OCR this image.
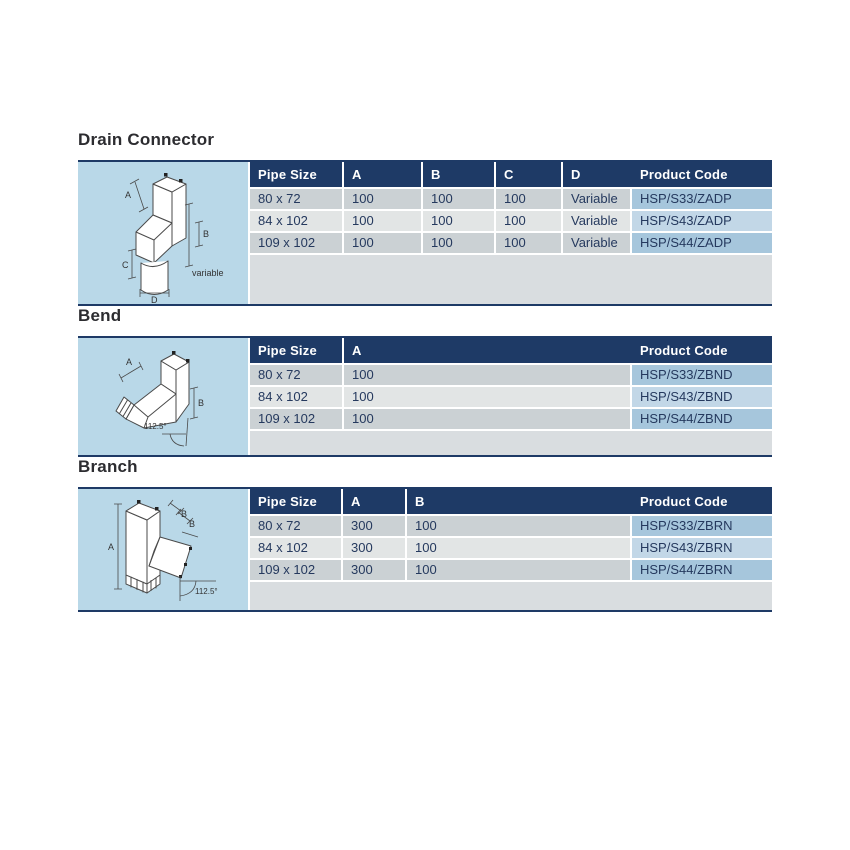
Drain Connector
A
B
C
variable
D
Pipe Size	A	B	C	D	Product Code
80 x 72	100	100	100	Variable	HSP/S33/ZADP
84 x 102	100	100	100	Variable	HSP/S43/ZADP
109 x 102	100	100	100	Variable	HSP/S44/ZADP
Bend
A
B
112.5°
Pipe Size	A	Product Code
80 x 72	100	HSP/S33/ZBND
84 x 102	100	HSP/S43/ZBND
109 x 102	100	HSP/S44/ZBND
Branch
A
B
B
112.5°
Pipe Size	A	B	Product Code
80 x 72	300	100	HSP/S33/ZBRN
84 x 102	300	100	HSP/S43/ZBRN
109 x 102	300	100	HSP/S44/ZBRN
